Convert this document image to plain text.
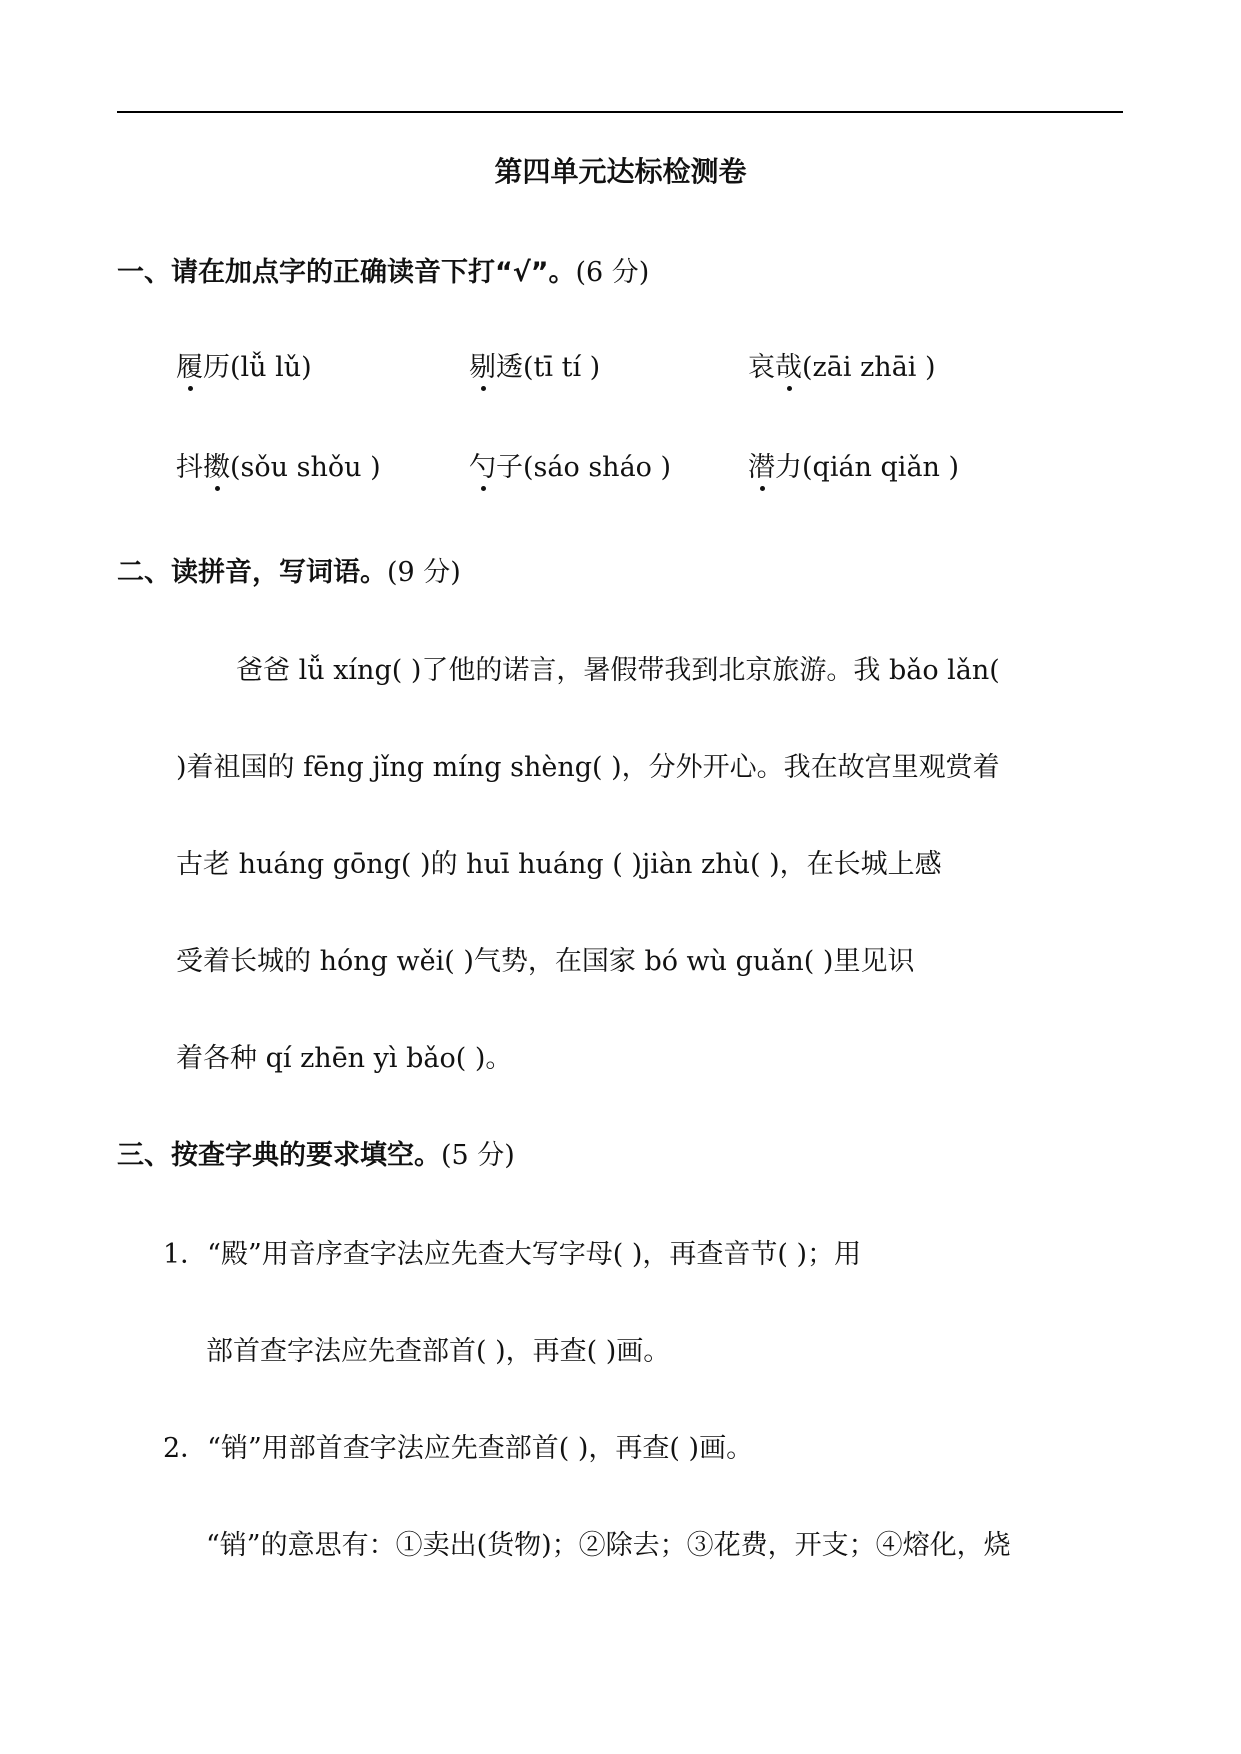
第四单元达标检测卷
一、请在加点字的正确读音下打“√”。(6 分)
履历(lǚ lǔ)	剔透(tī tí )	哀哉(zāi zhāi )
抖擞(sǒu shǒu )	勺子(sáo sháo )	潜力(qián qiǎn )
二、读拼音，写词语。(9 分)
爸爸 lǚ xíng( )了他的诺言，暑假带我到北京旅游。我 bǎo lǎn(
)着祖国的 fēng jǐng míng shèng( )，分外开心。我在故宫里观赏着
古老 huáng gōng( )的 huī huáng ( )jiàn zhù( )，在长城上感
受着长城的 hóng wěi( )气势，在国家 bó wù guǎn( )里见识
着各种 qí zhēn yì bǎo( )。
三、按查字典的要求填空。(5 分)
1．“殿”用音序查字法应先查大写字母( )，再查音节( )；用
部首查字法应先查部首( )，再查( )画。
2．“销”用部首查字法应先查部首( )，再查( )画。
“销”的意思有：①卖出(货物)；②除去；③花费，开支；④熔化，烧
